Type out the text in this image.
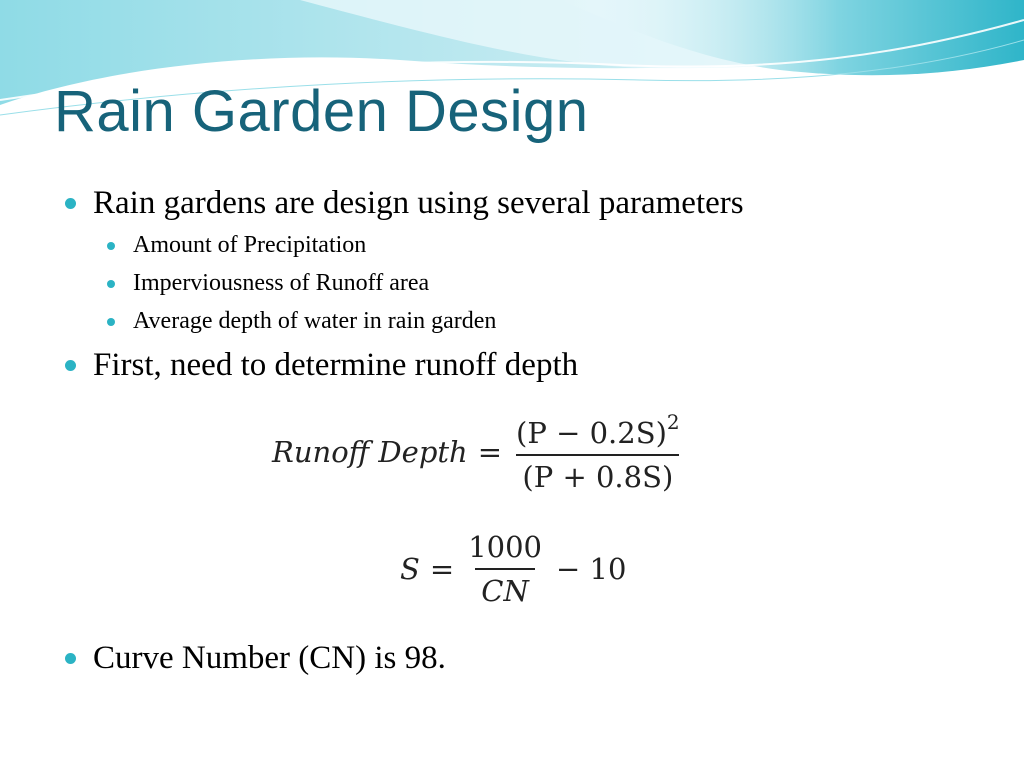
Rain Garden Design
Rain gardens are design using several parameters
Amount of Precipitation
Imperviousness of Runoff area
Average depth of water in rain garden
First, need to determine runoff depth
Runoff Depth = $\frac{(P - 0.2S)^2}{(P + 0.8S)}$
$S = \frac{1000}{CN} - 10$
Curve Number (CN) is 98.
